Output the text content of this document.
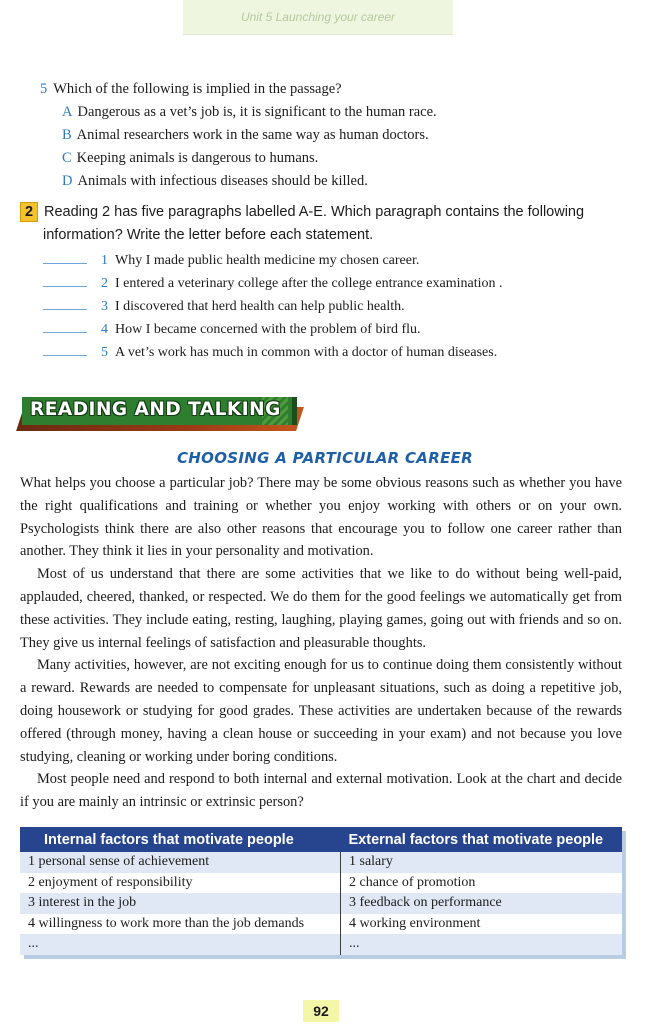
Unit 5 Launching your career
5 Which of the following is implied in the passage?
A Dangerous as a vet’s job is, it is significant to the human race.
B Animal researchers work in the same way as human doctors.
C Keeping animals is dangerous to humans.
D Animals with infectious diseases should be killed.
2 Reading 2 has five paragraphs labelled A-E. Which paragraph contains the following
information? Write the letter before each statement.
1 Why I made public health medicine my chosen career.
2 I entered a veterinary college after the college entrance examination .
3 I discovered that herd health can help public health.
4 How I became concerned with the problem of bird flu.
5 A vet’s work has much in common with a doctor of human diseases.
READING AND TALKING
CHOOSING A PARTICULAR CAREER

What helps you choose a particular job? There may be some obvious reasons such as whether you have the right qualifications and training or whether you enjoy working with others or on your own. Psychologists think there are also other reasons that encourage you to follow one career rather than another. They think it lies in your personality and motivation.

Most of us understand that there are some activities that we like to do without being well-paid, applauded, cheered, thanked, or respected. We do them for the good feelings we automatically get from these activities. They include eating, resting, laughing, playing games, going out with friends and so on. They give us internal feelings of satisfaction and pleasurable thoughts.

Many activities, however, are not exciting enough for us to continue doing them consistently without a reward. Rewards are needed to compensate for unpleasant situations, such as doing a repetitive job, doing housework or studying for good grades. These activities are undertaken because of the rewards offered (through money, having a clean house or succeeding in your exam) and not because you love studying, cleaning or working under boring conditions.

Most people need and respond to both internal and external motivation. Look at the chart and decide if you are mainly an intrinsic or extrinsic person?

Internal factors that motivate people	External factors that motivate people
1 personal sense of achievement	1 salary
2 enjoyment of responsibility	2 chance of promotion
3 interest in the job	3 feedback on performance
4 willingness to work more than the job demands	4 working environment
...	...
92
